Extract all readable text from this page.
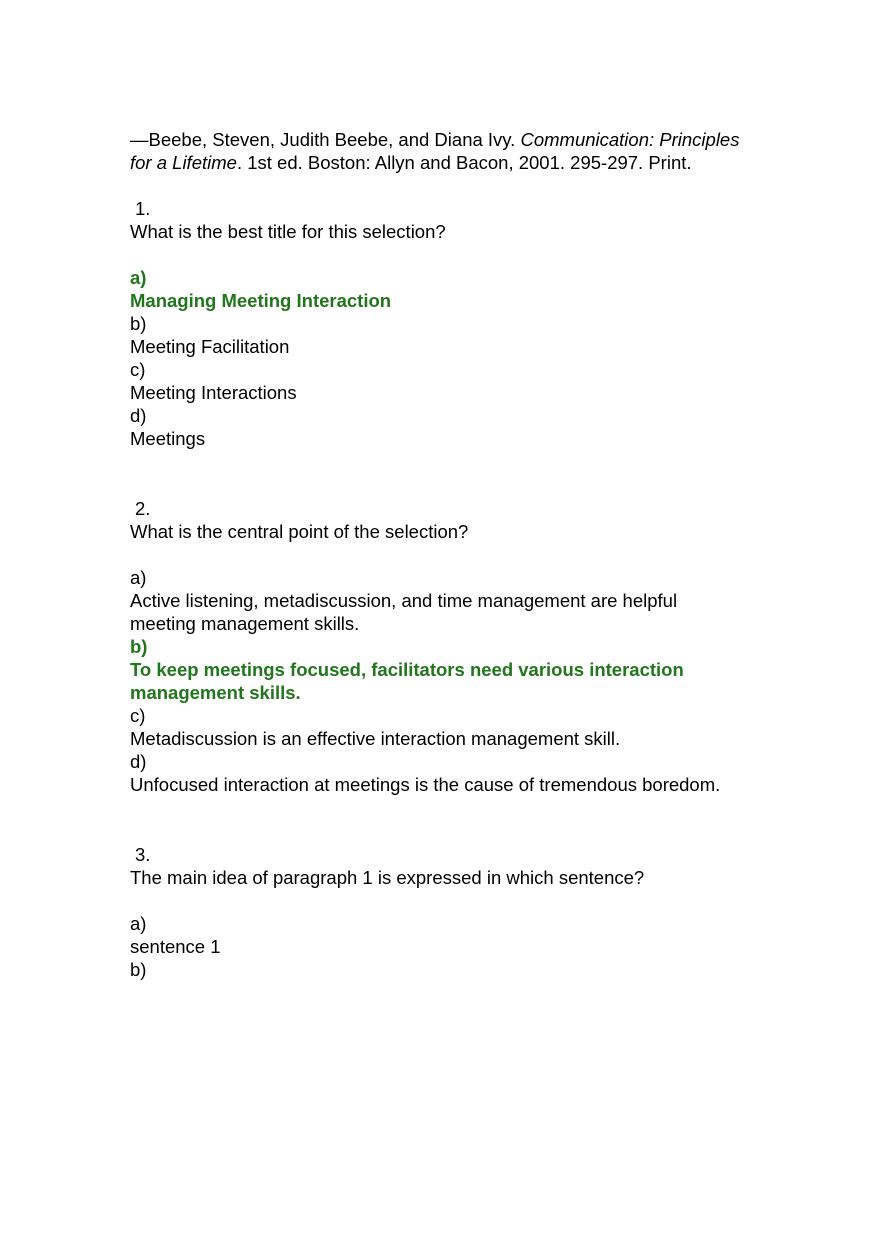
—Beebe, Steven, Judith Beebe, and Diana Ivy. Communication: Principles for a Lifetime. 1st ed. Boston: Allyn and Bacon, 2001. 295-297. Print.

1.
What is the best title for this selection?
a)
Managing Meeting Interaction
b)
Meeting Facilitation
c)
Meeting Interactions
d)
Meetings
2.
What is the central point of the selection?
a)
Active listening, metadiscussion, and time management are helpful meeting management skills.
b)
To keep meetings focused, facilitators need various interaction management skills.
c)
Metadiscussion is an effective interaction management skill.
d)
Unfocused interaction at meetings is the cause of tremendous boredom.
3.
The main idea of paragraph 1 is expressed in which sentence?
a)
sentence 1
b)
